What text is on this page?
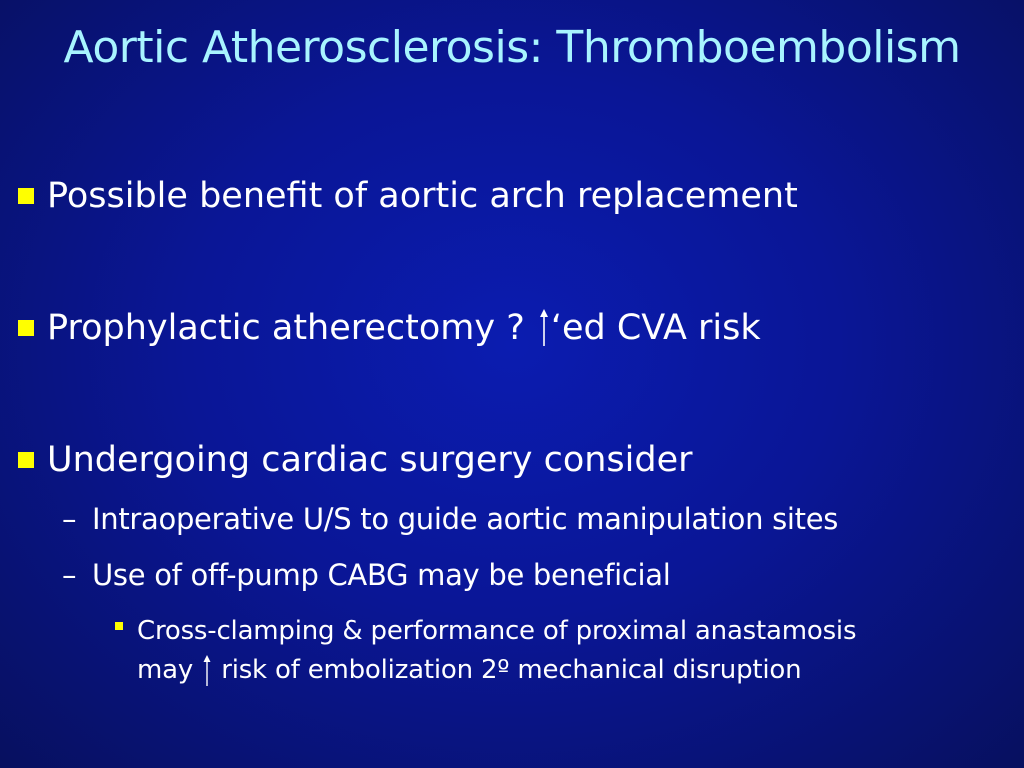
Aortic Atherosclerosis: Thromboembolism
Possible benefit of aortic arch replacement
Prophylactic atherectomy ? ‘ed CVA risk
Undergoing cardiac surgery consider
– Intraoperative U/S to guide aortic manipulation sites
– Use of off-pump CABG may be beneficial
Cross-clamping & performance of proximal anastamosis
may risk of embolization 2º mechanical disruption
